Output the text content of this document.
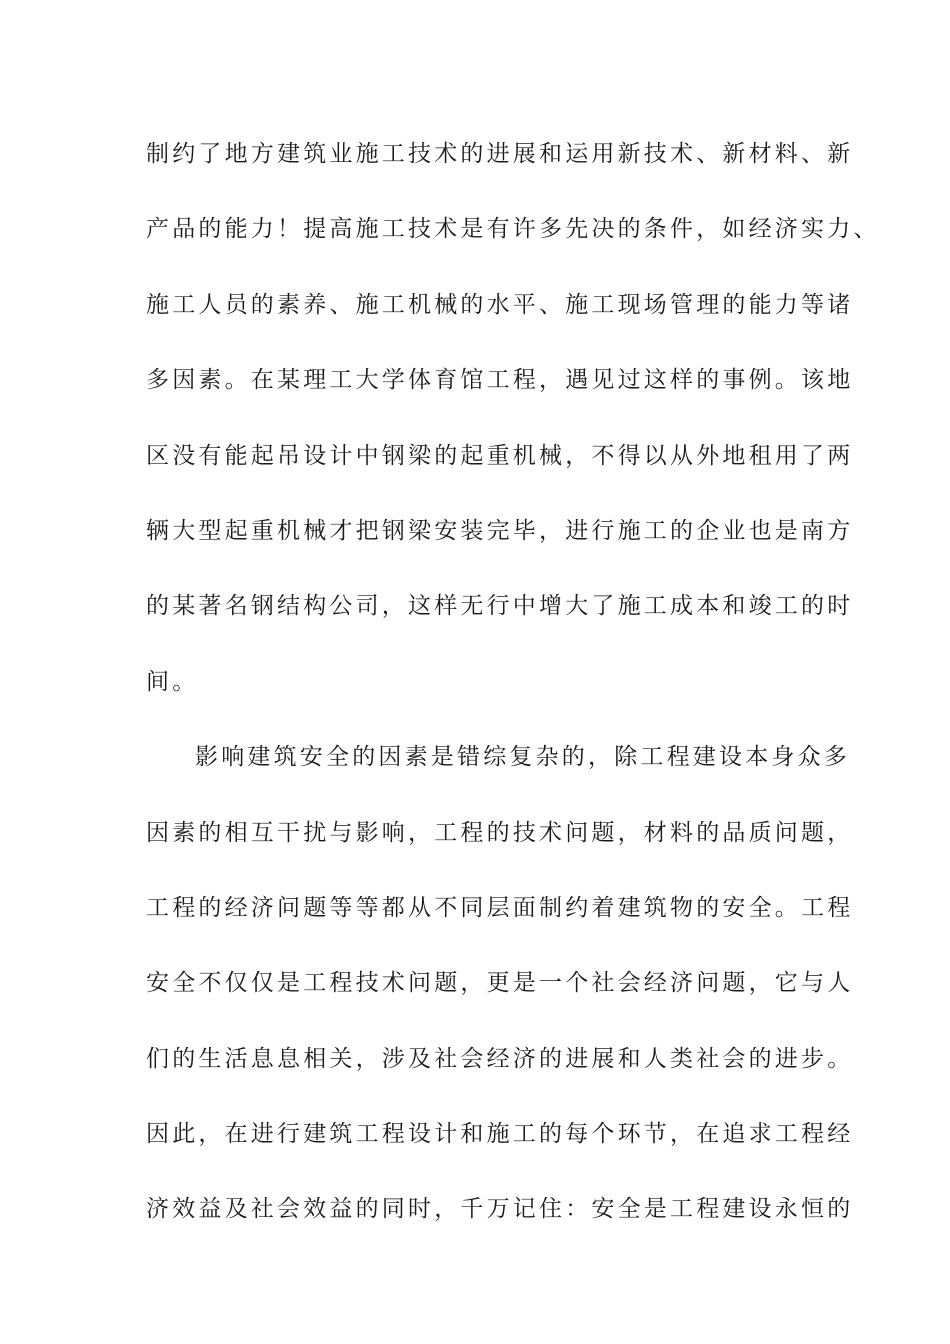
制约了地方建筑业施工技术的进展和运用新技术、新材料、新
产品的能力！提高施工技术是有许多先决的条件，如经济实力、
施工人员的素养、施工机械的水平、施工现场管理的能力等诸
多因素。在某理工大学体育馆工程，遇见过这样的事例。该地
区没有能起吊设计中钢梁的起重机械，不得以从外地租用了两
辆大型起重机械才把钢梁安装完毕，进行施工的企业也是南方
的某著名钢结构公司，这样无行中增大了施工成本和竣工的时
间。
影响建筑安全的因素是错综复杂的，除工程建设本身众多
因素的相互干扰与影响，工程的技术问题，材料的品质问题，
工程的经济问题等等都从不同层面制约着建筑物的安全。工程
安全不仅仅是工程技术问题，更是一个社会经济问题，它与人
们的生活息息相关，涉及社会经济的进展和人类社会的进步。
因此，在进行建筑工程设计和施工的每个环节，在追求工程经
济效益及社会效益的同时，千万记住：安全是工程建设永恒的
